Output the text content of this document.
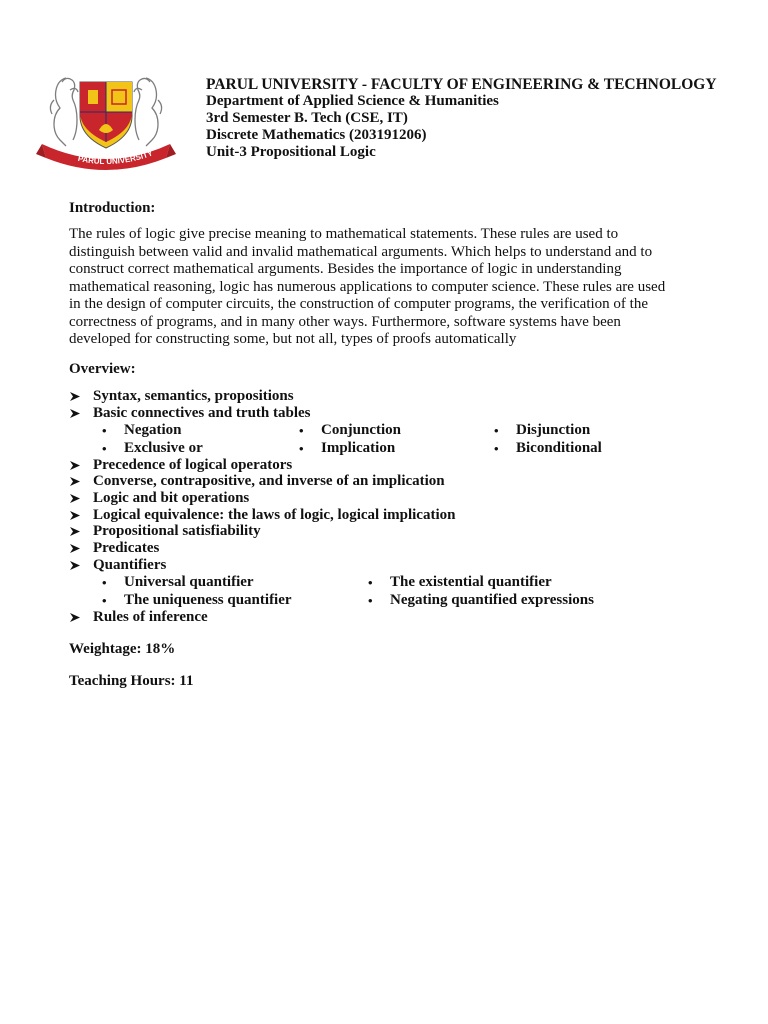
PARUL UNIVERSITY
PARUL UNIVERSITY - FACULTY OF ENGINEERING & TECHNOLOGY
Department of Applied Science & Humanities
3rd Semester B. Tech (CSE, IT)
Discrete Mathematics (203191206)
Unit-3 Propositional Logic
Introduction:
The rules of logic give precise meaning to mathematical statements. These rules are used to
distinguish between valid and invalid mathematical arguments. Which helps to understand and to
construct correct mathematical arguments. Besides the importance of logic in understanding
mathematical reasoning, logic has numerous applications to computer science. These rules are used
in the design of computer circuits, the construction of computer programs, the verification of the
correctness of programs, and in many other ways. Furthermore, software systems have been
developed for constructing some, but not all, types of proofs automatically
Overview:
Syntax, semantics, propositions
Basic connectives and truth tables
• Negation	• Conjunction	• Disjunction
• Exclusive or	• Implication	• Biconditional
Precedence of logical operators
Converse, contrapositive, and inverse of an implication
Logic and bit operations
Logical equivalence: the laws of logic, logical implication
Propositional satisfiability
Predicates
Quantifiers
• Universal quantifier	• The existential quantifier
• The uniqueness quantifier	• Negating quantified expressions
Rules of inference
Weightage: 18%
Teaching Hours: 11
